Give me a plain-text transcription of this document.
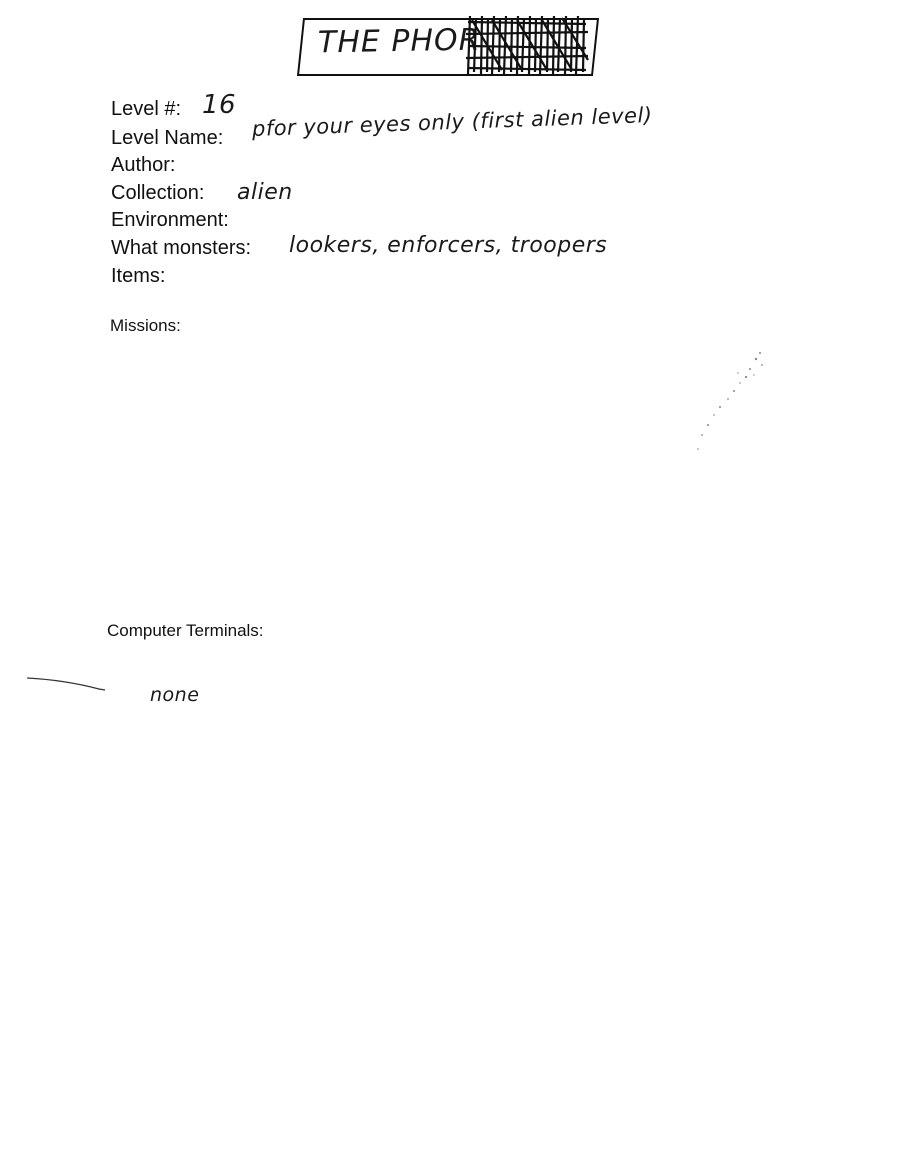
THE PHOR
Level #: 16
Level Name: pfor your eyes only (first alien level)
Author:
Collection: alien
Environment:
What monsters: lookers, enforcers, troopers
Items:
Missions:
Computer Terminals:
none
